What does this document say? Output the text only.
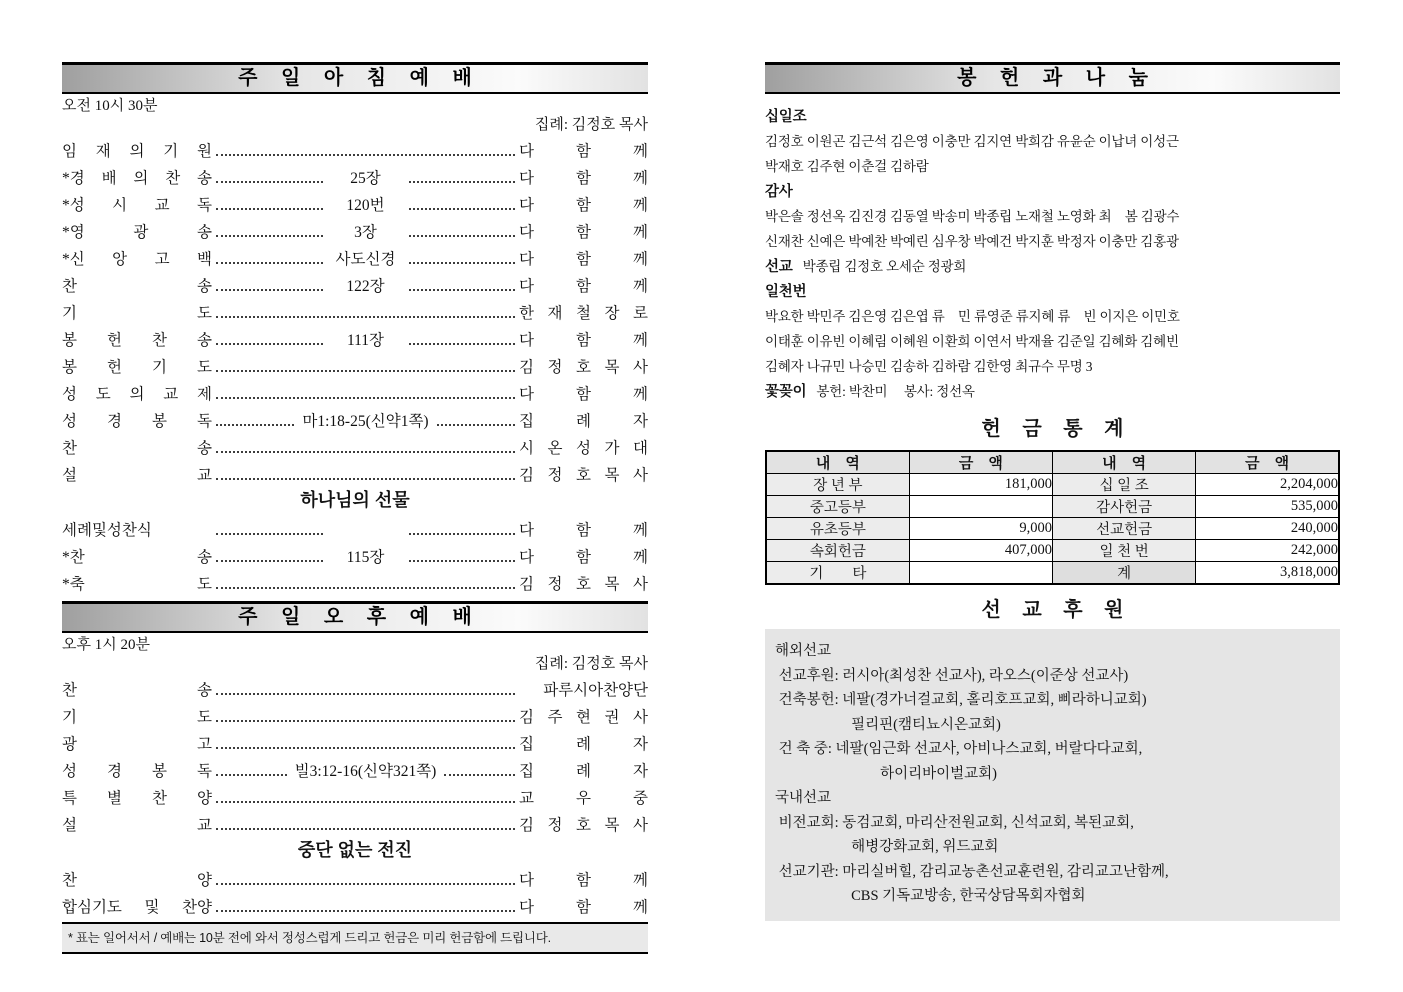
주 일 아 침 예 배
오전 10시 30분
집례: 김정호 목사
임 재 의 기 원	다 함 께
*경 배 의 찬 송	25장	다 함 께
*성 시 교 독	120번	다 함 께
*영 광 송	3장	다 함 께
*신 앙 고 백	사도신경	다 함 께
찬 송	122장	다 함 께
기 도	한 재 철 장 로
봉 헌 찬 송	111장	다 함 께
봉 헌 기 도	김 정 호 목 사
성 도 의 교 제	다 함 께
성 경 봉 독	마1:18-25(신약1쪽)	집 례 자
찬 송	시 온 성 가 대
설 교	김 정 호 목 사
하나님의 선물
세례및성찬식	다 함 께
*찬 송	115장	다 함 께
*축 도	김 정 호 목 사
주 일 오 후 예 배
오후 1시 20분
집례: 김정호 목사
찬 송	파루시아찬양단
기 도	김 주 현 권 사
광 고	집 례 자
성 경 봉 독	빌3:12-16(신약321쪽)	집 례 자
특 별 찬 양	교 우 중
설 교	김 정 호 목 사
중단 없는 전진
찬 양	다 함 께
합심기도 및 찬양	다 함 께
* 표는 일어서서 / 예배는 10분 전에 와서 정성스럽게 드리고 헌금은 미리 헌금함에 드립니다.
봉 헌 과 나 눔
십일조
김정호 이원곤 김근석 김은영 이충만 김지연 박희감 유윤순 이납녀 이성근
박재호 김주현 이춘걸 김하람
감사
박은솔 정선옥 김진경 김동열 박송미 박종립 노재철 노영화 최　봄 김광수
신재찬 신예은 박예찬 박예린 심우창 박예건 박지훈 박정자 이충만 김홍광
선교 박종립 김정호 오세순 정광희
일천번
박요한 박민주 김은영 김은엽 류　민 류영준 류지혜 류　빈 이지은 이민호
이태훈 이유빈 이혜림 이혜원 이환희 이연서 박재율 김준일 김혜화 김혜빈
김혜자 나규민 나승민 김송하 김하람 김한영 최규수 무명 3
꽃꽂이 봉헌: 박찬미　 봉사: 정선옥
헌 금 통 계
내　역	금　액	내　역	금　액
장 년 부	181,000	십 일 조	2,204,000
중고등부		감사헌금	535,000
유초등부	9,000	선교헌금	240,000
속회헌금	407,000	일 천 번	242,000
기　　타		계	3,818,000
선 교 후 원
해외선교
선교후원: 러시아(최성찬 선교사), 라오스(이준상 선교사)
건축봉헌: 네팔(경가너걸교회, 홀리호프교회, 삐라하니교회)
　　　　　 필리핀(캠티뇨시온교회)
건 축 중: 네팔(임근화 선교사, 아비나스교회, 버랄다다교회,
　　　　　　　 하이리바이벌교회)
국내선교
비전교회: 동검교회, 마리산전원교회, 신석교회, 복된교회,
　　　　　 해병강화교회, 위드교회
선교기관: 마리실버힐, 감리교농촌선교훈련원, 감리교고난함께,
　　　　　 CBS 기독교방송, 한국상담목회자협회
